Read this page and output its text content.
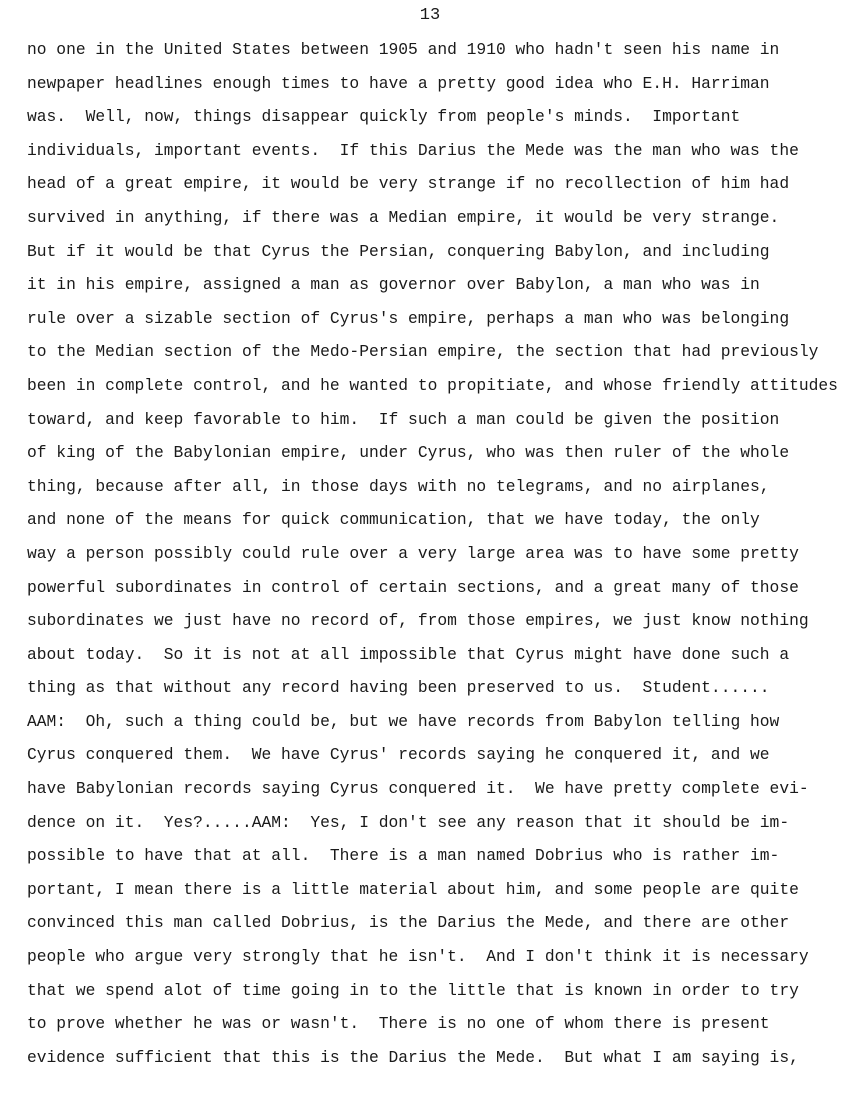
13
no one in the United States between 1905 and 1910 who hadn't seen his name in
newpaper headlines enough times to have a pretty good idea who E.H. Harriman
was.  Well, now, things disappear quickly from people's minds.  Important
individuals, important events.  If this Darius the Mede was the man who was the
head of a great empire, it would be very strange if no recollection of him had
survived in anything, if there was a Median empire, it would be very strange.
But if it would be that Cyrus the Persian, conquering Babylon, and including
it in his empire, assigned a man as governor over Babylon, a man who was in
rule over a sizable section of Cyrus's empire, perhaps a man who was belonging
to the Median section of the Medo-Persian empire, the section that had previously
been in complete control, and he wanted to propitiate, and whose friendly attitudes
toward, and keep favorable to him.  If such a man could be given the position
of king of the Babylonian empire, under Cyrus, who was then ruler of the whole
thing, because after all, in those days with no telegrams, and no airplanes,
and none of the means for quick communication, that we have today, the only
way a person possibly could rule over a very large area was to have some pretty
powerful subordinates in control of certain sections, and a great many of those
subordinates we just have no record of, from those empires, we just know nothing
about today.  So it is not at all impossible that Cyrus might have done such a
thing as that without any record having been preserved to us.  Student......
AAM:  Oh, such a thing could be, but we have records from Babylon telling how
Cyrus conquered them.  We have Cyrus' records saying he conquered it, and we
have Babylonian records saying Cyrus conquered it.  We have pretty complete evi-
dence on it.  Yes?.....AAM:  Yes, I don't see any reason that it should be im-
possible to have that at all.  There is a man named Dobrius who is rather im-
portant, I mean there is a little material about him, and some people are quite
convinced this man called Dobrius, is the Darius the Mede, and there are other
people who argue very strongly that he isn't.  And I don't think it is necessary
that we spend alot of time going in to the little that is known in order to try
to prove whether he was or wasn't.  There is no one of whom there is present
evidence sufficient that this is the Darius the Mede.  But what I am saying is,
